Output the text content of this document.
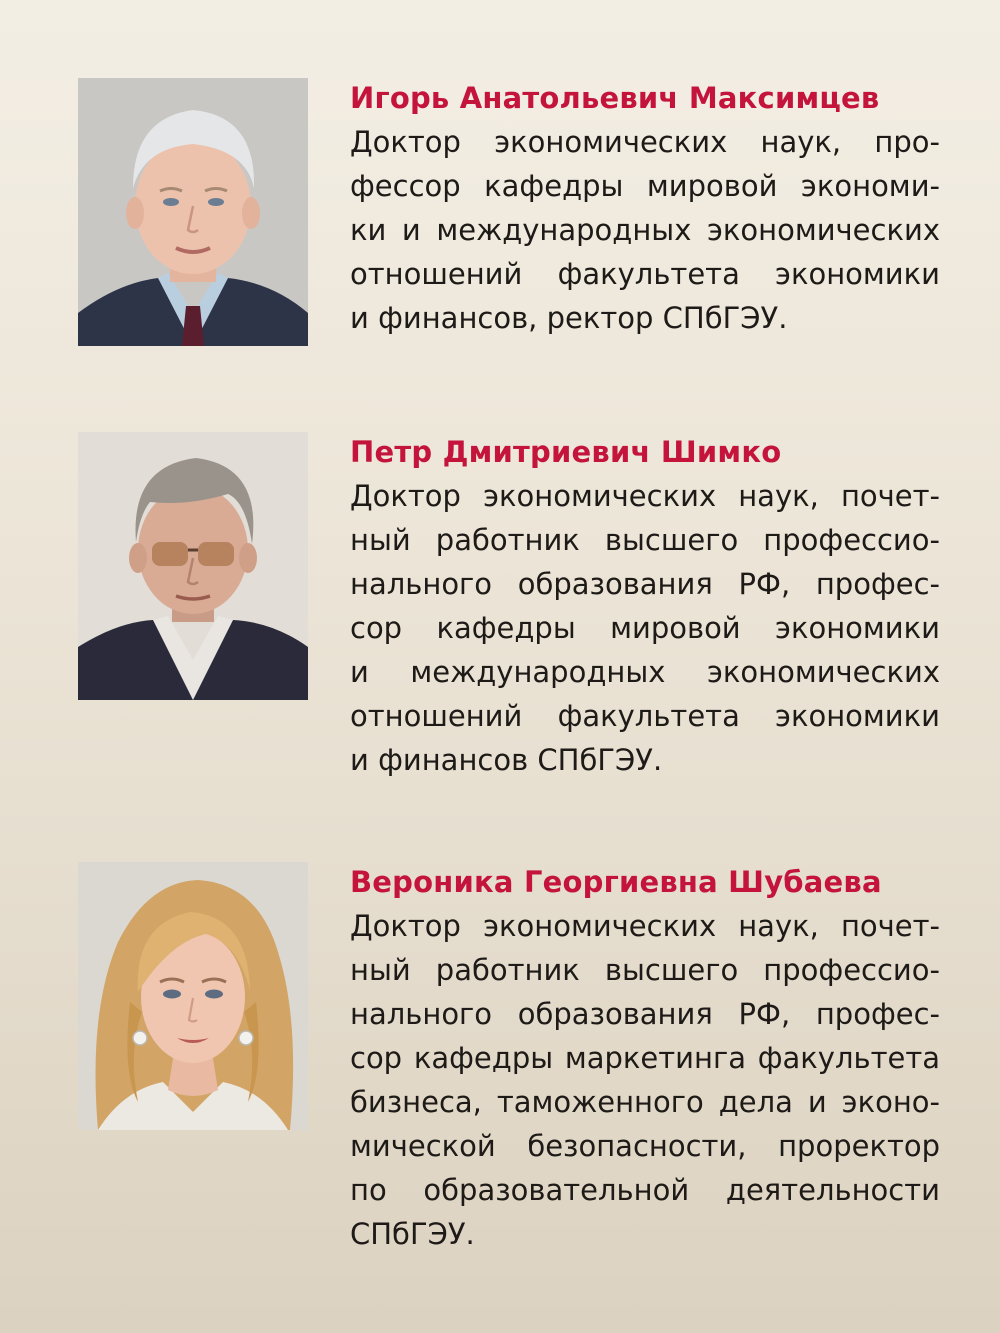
Игорь Анатольевич Максимцев

Доктор экономических наук, про-
фессор кафедры мировой экономи-
ки и международных экономических
отношений факультета экономики
и финансов, ректор СПбГЭУ.

Петр Дмитриевич Шимко

Доктор экономических наук, почет-
ный работник высшего профессио-
нального образования РФ, профес-
сор кафедры мировой экономики
и международных экономических
отношений факультета экономики
и финансов СПбГЭУ.

Вероника Георгиевна Шубаева

Доктор экономических наук, почет-
ный работник высшего профессио-
нального образования РФ, профес-
сор кафедры маркетинга факультета
бизнеса, таможенного дела и эконо-
мической безопасности, проректор
по образовательной деятельности
СПбГЭУ.
